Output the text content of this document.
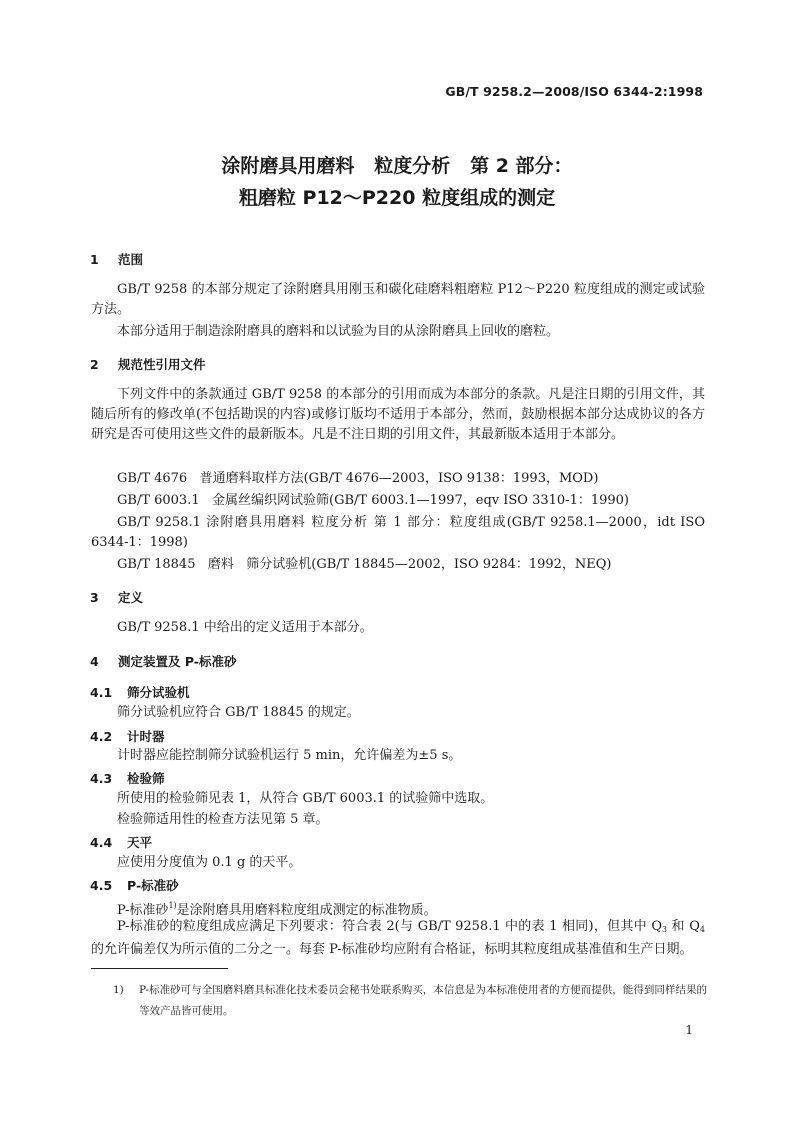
GB/T 9258.2—2008/ISO 6344-2:1998
涂附磨具用磨料   粒度分析   第 2 部分：
粗磨粒 P12～P220 粒度组成的测定
1 范围
GB/T 9258 的本部分规定了涂附磨具用刚玉和碳化硅磨料粗磨粒 P12～P220 粒度组成的测定或试验方法。
本部分适用于制造涂附磨具的磨料和以试验为目的从涂附磨具上回收的磨粒。
2 规范性引用文件
下列文件中的条款通过 GB/T 9258 的本部分的引用而成为本部分的条款。凡是注日期的引用文件，其随后所有的修改单(不包括勘误的内容)或修订版均不适用于本部分，然而，鼓励根据本部分达成协议的各方研究是否可使用这些文件的最新版本。凡是不注日期的引用文件，其最新版本适用于本部分。
GB/T 4676   普通磨料取样方法(GB/T 4676—2003，ISO 9138：1993，MOD)
GB/T 6003.1   金属丝编织网试验筛(GB/T 6003.1—1997，eqv ISO 3310-1：1990)
GB/T 9258.1 涂附磨具用磨料 粒度分析 第 1 部分：粒度组成(GB/T 9258.1—2000，idt ISO 6344-1：1998)
GB/T 18845   磨料   筛分试验机(GB/T 18845—2002，ISO 9284：1992，NEQ)
3 定义
GB/T 9258.1 中给出的定义适用于本部分。
4 测定装置及 P-标准砂
4.1 筛分试验机
筛分试验机应符合 GB/T 18845 的规定。
4.2 计时器
计时器应能控制筛分试验机运行 5 min，允许偏差为±5 s。
4.3 检验筛
所使用的检验筛见表 1，从符合 GB/T 6003.1 的试验筛中选取。
检验筛适用性的检查方法见第 5 章。
4.4 天平
应使用分度值为 0.1 g 的天平。
4.5 P-标准砂
P-标准砂$^{1)}$是涂附磨具用磨料粒度组成测定的标准物质。
P-标准砂的粒度组成应满足下列要求：符合表 2(与 GB/T 9258.1 中的表 1 相同)，但其中 $Q_3$ 和 $Q_4$的允许偏差仅为所示值的二分之一。每套 P-标准砂均应附有合格证，标明其粒度组成基准值和生产日期。
1)	P-标准砂可与全国磨料磨具标准化技术委员会秘书处联系购买，本信息是为本标准使用者的方便而提供，能得到同样结果的等效产品皆可使用。
1
